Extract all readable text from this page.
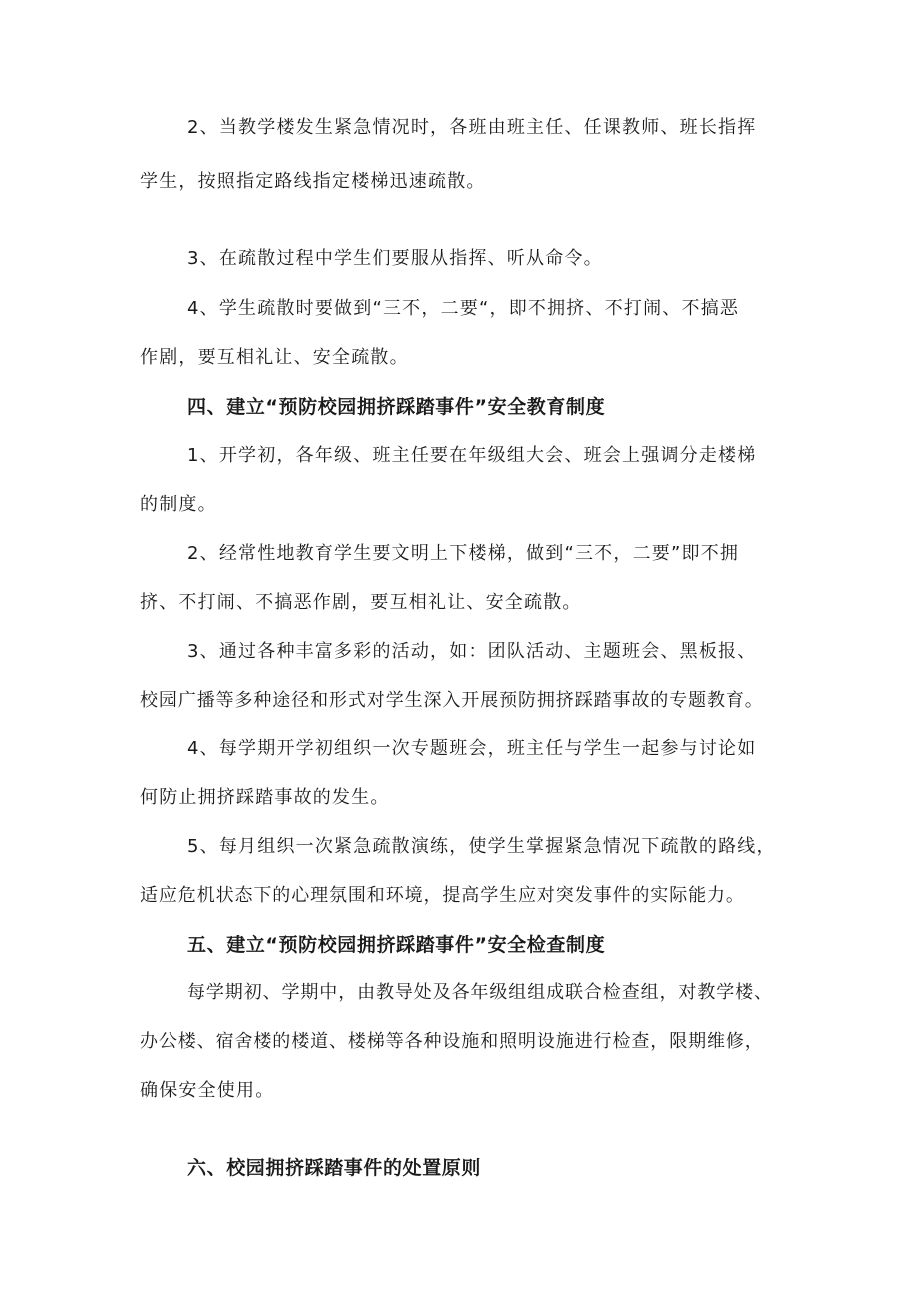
2、当教学楼发生紧急情况时，各班由班主任、任课教师、班长指挥
学生，按照指定路线指定楼梯迅速疏散。
3、在疏散过程中学生们要服从指挥、听从命令。
4、学生疏散时要做到“三不，二要“，即不拥挤、不打闹、不搞恶
作剧，要互相礼让、安全疏散。
四、建立“预防校园拥挤踩踏事件”安全教育制度
1、开学初，各年级、班主任要在年级组大会、班会上强调分走楼梯
的制度。
2、经常性地教育学生要文明上下楼梯，做到“三不，二要”即不拥
挤、不打闹、不搞恶作剧，要互相礼让、安全疏散。
3、通过各种丰富多彩的活动，如：团队活动、主题班会、黑板报、
校园广播等多种途径和形式对学生深入开展预防拥挤踩踏事故的专题教育。
4、每学期开学初组织一次专题班会，班主任与学生一起参与讨论如
何防止拥挤踩踏事故的发生。
5、每月组织一次紧急疏散演练，使学生掌握紧急情况下疏散的路线，
适应危机状态下的心理氛围和环境，提高学生应对突发事件的实际能力。
五、建立“预防校园拥挤踩踏事件”安全检查制度
每学期初、学期中，由教导处及各年级组组成联合检查组，对教学楼、
办公楼、宿舍楼的楼道、楼梯等各种设施和照明设施进行检查，限期维修，
确保安全使用。
六、校园拥挤踩踏事件的处置原则
